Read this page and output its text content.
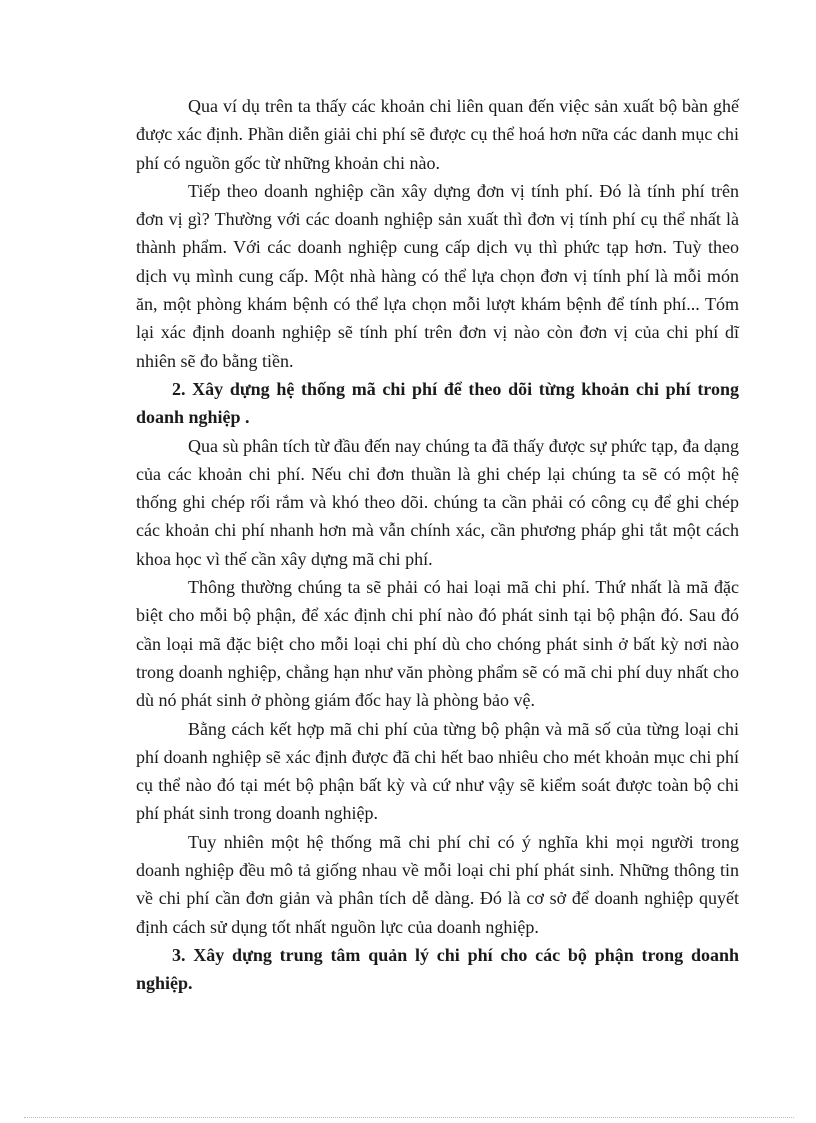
Qua ví dụ trên ta thấy các khoản chi liên quan đến việc sản xuất bộ bàn ghế được xác định. Phần diễn giải chi phí sẽ được cụ thể hoá hơn nữa các danh mục chi phí có nguồn gốc từ những khoản chi nào.

Tiếp theo doanh nghiệp cần xây dựng đơn vị tính phí. Đó là tính phí trên đơn vị gì? Thường với các doanh nghiệp sản xuất thì đơn vị tính phí cụ thể nhất là thành phẩm. Với các doanh nghiệp cung cấp dịch vụ thì phức tạp hơn. Tuỳ theo dịch vụ mình cung cấp. Một nhà hàng có thể lựa chọn đơn vị tính phí là mỗi món ăn, một phòng khám bệnh có thể lựa chọn mỗi lượt khám bệnh để tính phí... Tóm lại xác định doanh nghiệp sẽ tính phí trên đơn vị nào còn đơn vị của chi phí dĩ nhiên sẽ đo bằng tiền.

2. Xây dựng hệ thống mã chi phí để theo dõi từng khoản chi phí trong doanh nghiệp .

Qua sù phân tích từ đầu đến nay chúng ta đã thấy được sự phức tạp, đa dạng của các khoản chi phí. Nếu chỉ đơn thuần là ghi chép lại chúng ta sẽ có một hệ thống ghi chép rối rắm và khó theo dõi. chúng ta cần phải có công cụ để ghi chép các khoản chi phí nhanh hơn mà vẫn chính xác, cần phương pháp ghi tắt một cách khoa học vì thế cần xây dựng mã chi phí.

Thông thường chúng ta sẽ phải có hai loại mã chi phí. Thứ nhất là mã đặc biệt cho mỗi bộ phận, để xác định chi phí nào đó phát sinh tại bộ phận đó. Sau đó cần loại mã đặc biệt cho mỗi loại chi phí dù cho chóng phát sinh ở bất kỳ nơi nào trong doanh nghiệp, chẳng hạn như văn phòng phẩm sẽ có mã chi phí duy nhất cho dù nó phát sinh ở phòng giám đốc hay là phòng bảo vệ.

Bằng cách kết hợp mã chi phí của từng bộ phận và mã số của từng loại chi phí doanh nghiệp sẽ xác định được đã chi hết bao nhiêu cho mét khoản mục chi phí cụ thể nào đó tại mét bộ phận bất kỳ và cứ như vậy sẽ kiểm soát được toàn bộ chi phí phát sinh trong doanh nghiệp.

Tuy nhiên một hệ thống mã chi phí chỉ có ý nghĩa khi mọi người trong doanh nghiệp đều mô tả giống nhau về mỗi loại chi phí phát sinh. Những thông tin về chi phí cần đơn giản và phân tích dễ dàng. Đó là cơ sở để doanh nghiệp quyết định cách sử dụng tốt nhất nguồn lực của doanh nghiệp.

3. Xây dựng trung tâm quản lý chi phí cho các bộ phận trong doanh nghiệp.
